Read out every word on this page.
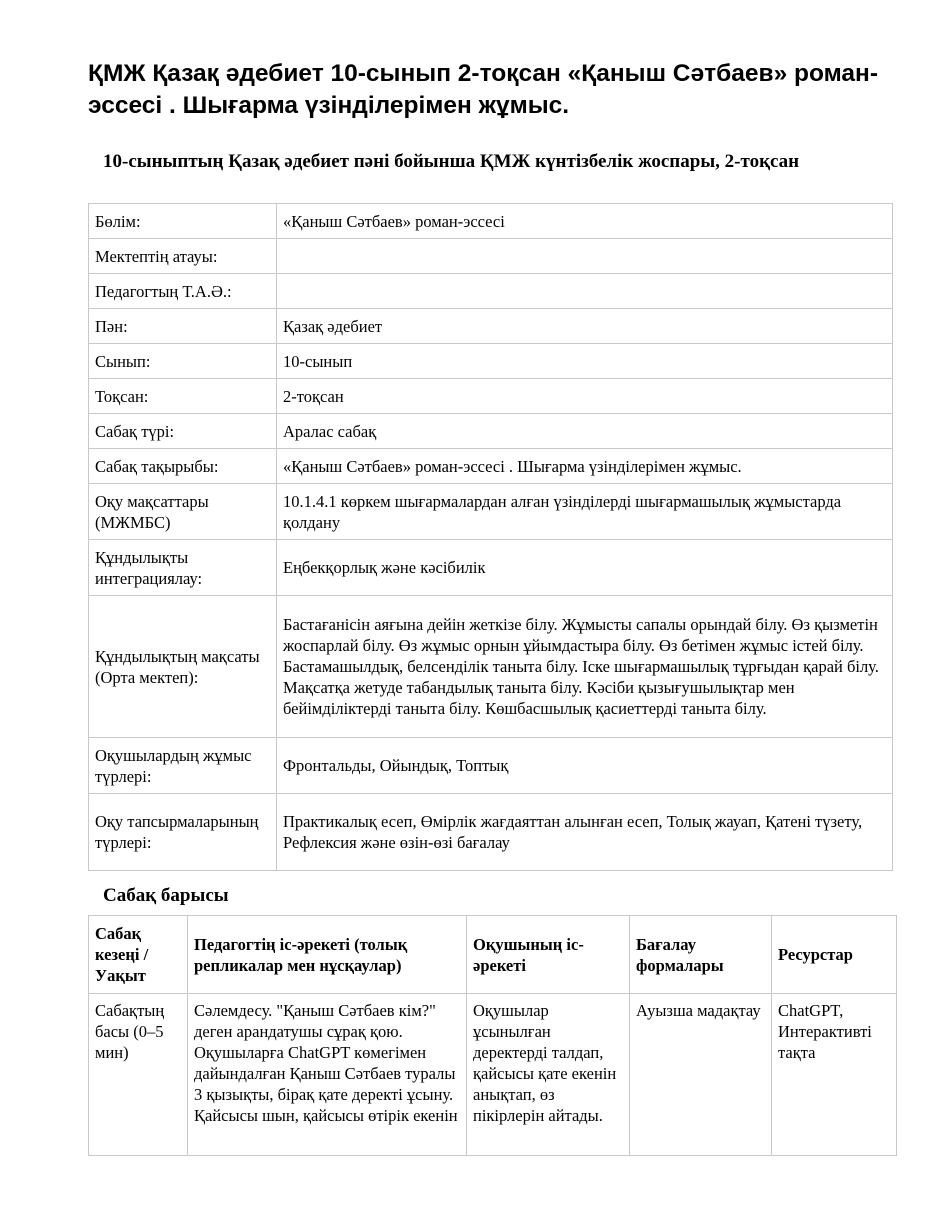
ҚМЖ Қазақ әдебиет 10-сынып 2-тоқсан «Қаныш Сәтбаев» роман-эссесі . Шығарма үзінділерімен жұмыс.
10-сыныптың Қазақ әдебиет пәні бойынша ҚМЖ күнтізбелік жоспары, 2-тоқсан
Бөлім:	«Қаныш Сәтбаев» роман-эссесі
Мектептің атауы:	
Педагогтың Т.А.Ә.:	
Пән:	Қазақ әдебиет
Сынып:	10-сынып
Тоқсан:	2-тоқсан
Сабақ түрі:	Аралас сабақ
Сабақ тақырыбы:	«Қаныш Сәтбаев» роман-эссесі . Шығарма үзінділерімен жұмыс.
Оқу мақсаттары (МЖМБС)	10.1.4.1 көркем шығармалардан алған үзінділерді шығармашылық жұмыстарда қолдану
Құндылықты интеграциялау:	Еңбекқорлық және кәсібилік
Құндылықтың мақсаты (Орта мектеп):	Бастағанісін аяғына дейін жеткізе білу. Жұмысты сапалы орындай білу. Өз қызметін жоспарлай білу. Өз жұмыс орнын ұйымдастыра білу. Өз бетімен жұмыс істей білу. Бастамашылдық, белсенділік таныта білу. Іске шығармашылық тұрғыдан қарай білу. Мақсатқа жетуде табандылық таныта білу. Кәсіби қызығушылықтар мен бейімділіктерді таныта білу. Көшбасшылық қасиеттерді таныта білу.
Оқушылардың жұмыс түрлері:	Фронтальды, Ойындық, Топтық
Оқу тапсырмаларының түрлері:	Практикалық есеп, Өмірлік жағдаяттан алынған есеп, Толық жауап, Қатені түзету, Рефлексия және өзін-өзі бағалау
Сабақ барысы
Сабақ кезеңі / Уақыт	Педагогтің іс-әрекеті (толық репликалар мен нұсқаулар)	Оқушының іс-әрекеті	Бағалау формалары	Ресурстар
Сабақтың басы (0–5 мин)	Сәлемдесу. "Қаныш Сәтбаев кім?" деген арандатушы сұрақ қою. Оқушыларға ChatGPT көмегімен дайындалған Қаныш Сәтбаев туралы 3 қызықты, бірақ қате деректі ұсыну. Қайсысы шын, қайсысы өтірік екенін	Оқушылар ұсынылған деректерді талдап, қайсысы қате екенін анықтап, өз пікірлерін айтады.	Ауызша мадақтау	ChatGPT, Интерактивті тақта
